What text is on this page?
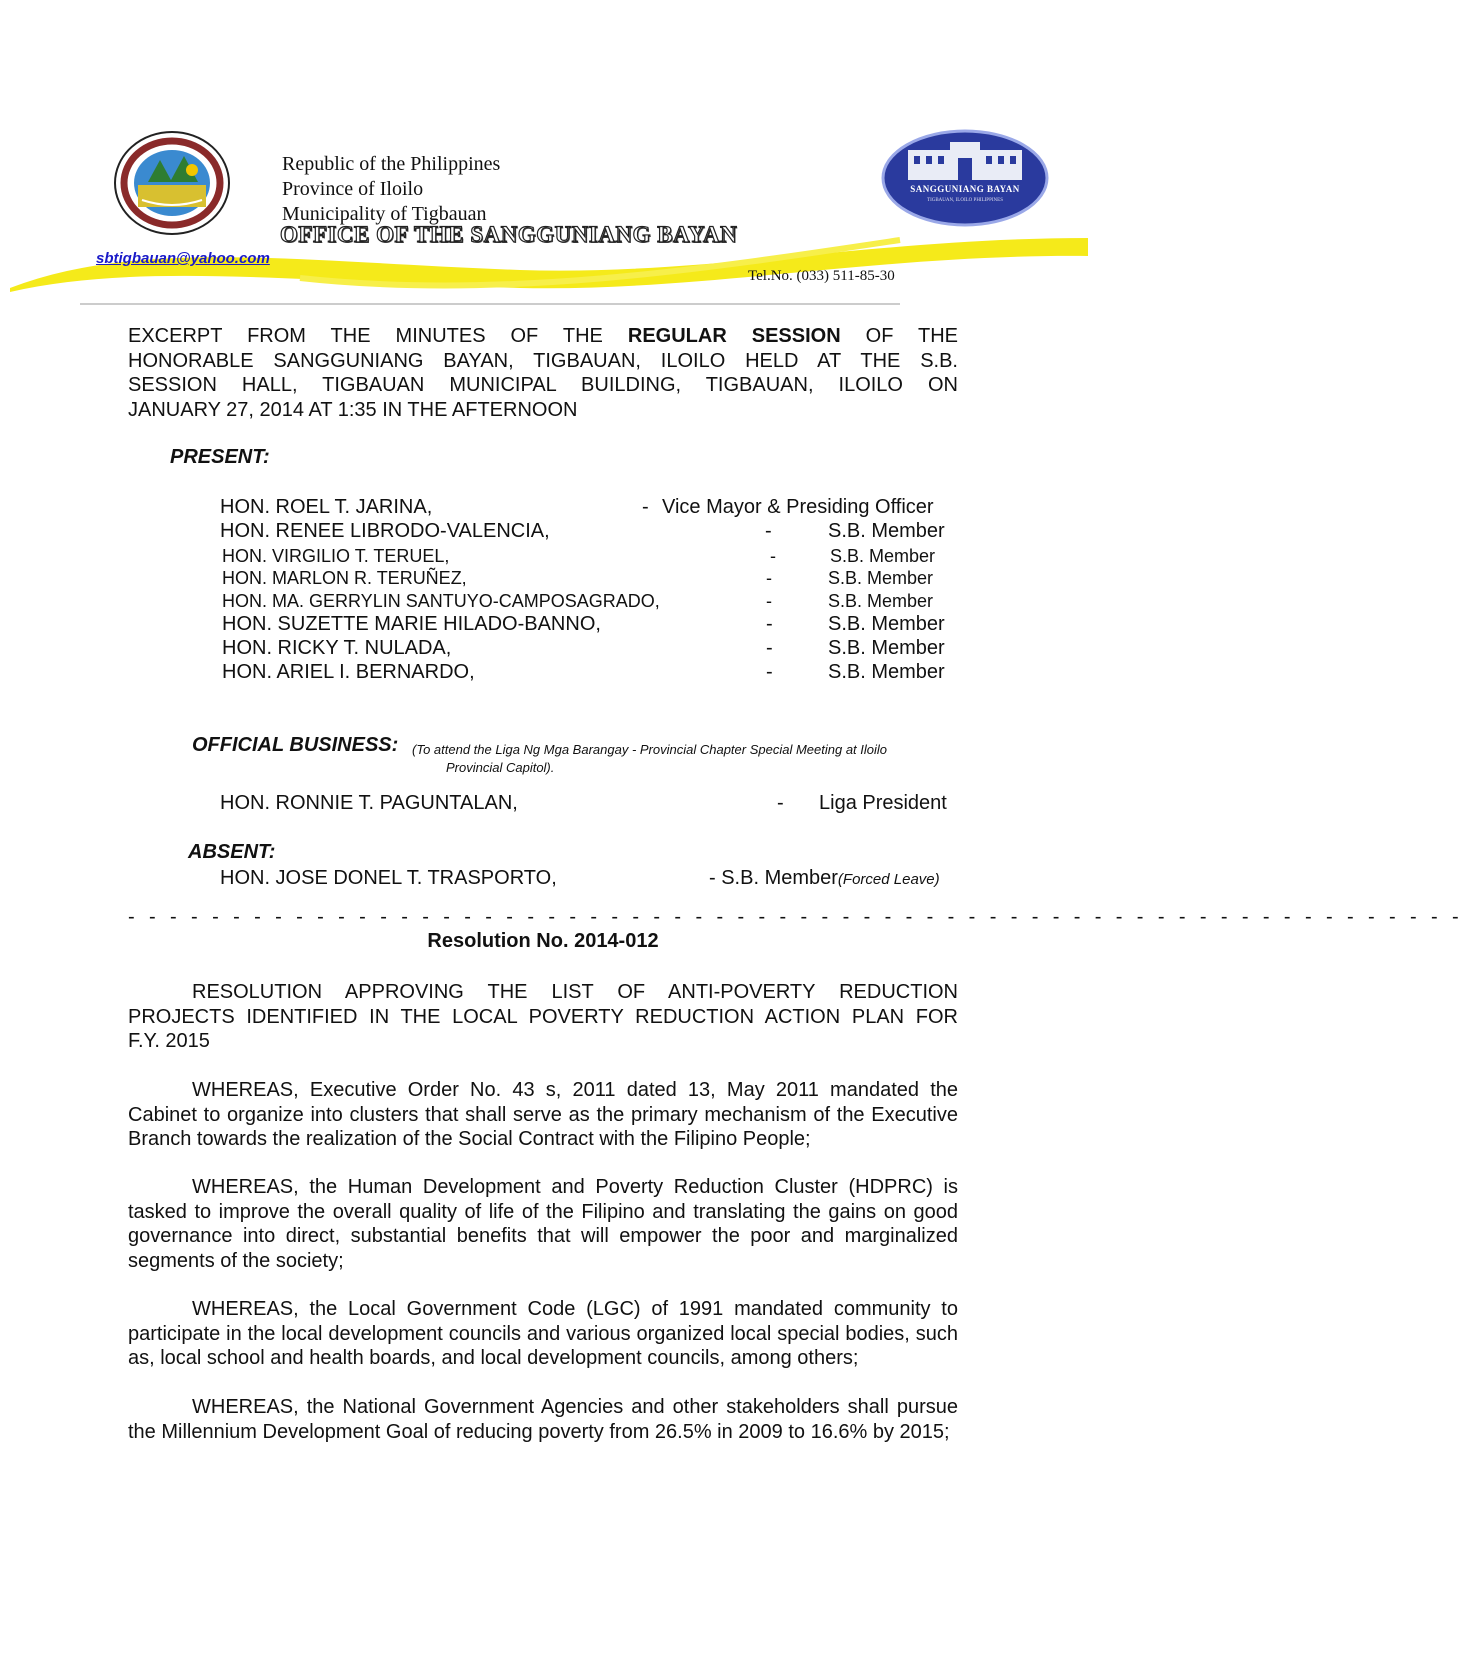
SANGGUNIANG BAYAN
TIGBAUAN, ILOILO PHILIPPINES
Republic of the Philippines
Province of Iloilo
Municipality of Tigbauan
OFFICE OF THE SANGGUNIANG BAYAN
sbtigbauan@yahoo.com
Tel.No. (033) 511-85-30
EXCERPT FROM THE MINUTES OF THE REGULAR SESSION OF THE
HONORABLE SANGGUNIANG BAYAN, TIGBAUAN, ILOILO HELD AT THE S.B.
SESSION HALL, TIGBAUAN MUNICIPAL BUILDING, TIGBAUAN, ILOILO ON
JANUARY 27, 2014 AT 1:35 IN THE AFTERNOON
PRESENT:
HON. ROEL T. JARINA,	- Vice Mayor & Presiding Officer
HON. RENEE LIBRODO-VALENCIA,	-	S.B. Member
HON. VIRGILIO T. TERUEL,	-	S.B. Member
HON. MARLON R. TERUÑEZ,	-	S.B. Member
HON. MA. GERRYLIN SANTUYO-CAMPOSAGRADO,	-	S.B. Member
HON. SUZETTE MARIE HILADO-BANNO,	-	S.B. Member
HON. RICKY T. NULADA,	-	S.B. Member
HON. ARIEL I. BERNARDO,	-	S.B. Member
OFFICIAL BUSINESS: (To attend the Liga Ng Mga Barangay - Provincial Chapter Special Meeting at Iloilo
Provincial Capitol).
HON. RONNIE T. PAGUNTALAN,	- Liga President
ABSENT:
HON. JOSE DONEL T. TRASPORTO,	- S.B. Member(Forced Leave)
- - - - - - - - - - - - - - - - - - - - - - - - - - - - - - - - - - - - - - - - - - - - - - - - - - - - - - - - - - - - - - - -
Resolution No. 2014-012
RESOLUTION APPROVING THE LIST OF ANTI-POVERTY REDUCTION
PROJECTS IDENTIFIED IN THE LOCAL POVERTY REDUCTION ACTION PLAN FOR
F.Y. 2015
WHEREAS, Executive Order No. 43 s, 2011 dated 13, May 2011 mandated the Cabinet to organize into clusters that shall serve as the primary mechanism of the Executive Branch towards the realization of the Social Contract with the Filipino People;
WHEREAS, the Human Development and Poverty Reduction Cluster (HDPRC) is tasked to improve the overall quality of life of the Filipino and translating the gains on good governance into direct, substantial benefits that will empower the poor and marginalized segments of the society;
WHEREAS, the Local Government Code (LGC) of 1991 mandated community to participate in the local development councils and various organized local special bodies, such as, local school and health boards, and local development councils, among others;
WHEREAS, the National Government Agencies and other stakeholders shall pursue the Millennium Development Goal of reducing poverty from 26.5% in 2009 to 16.6% by 2015;
